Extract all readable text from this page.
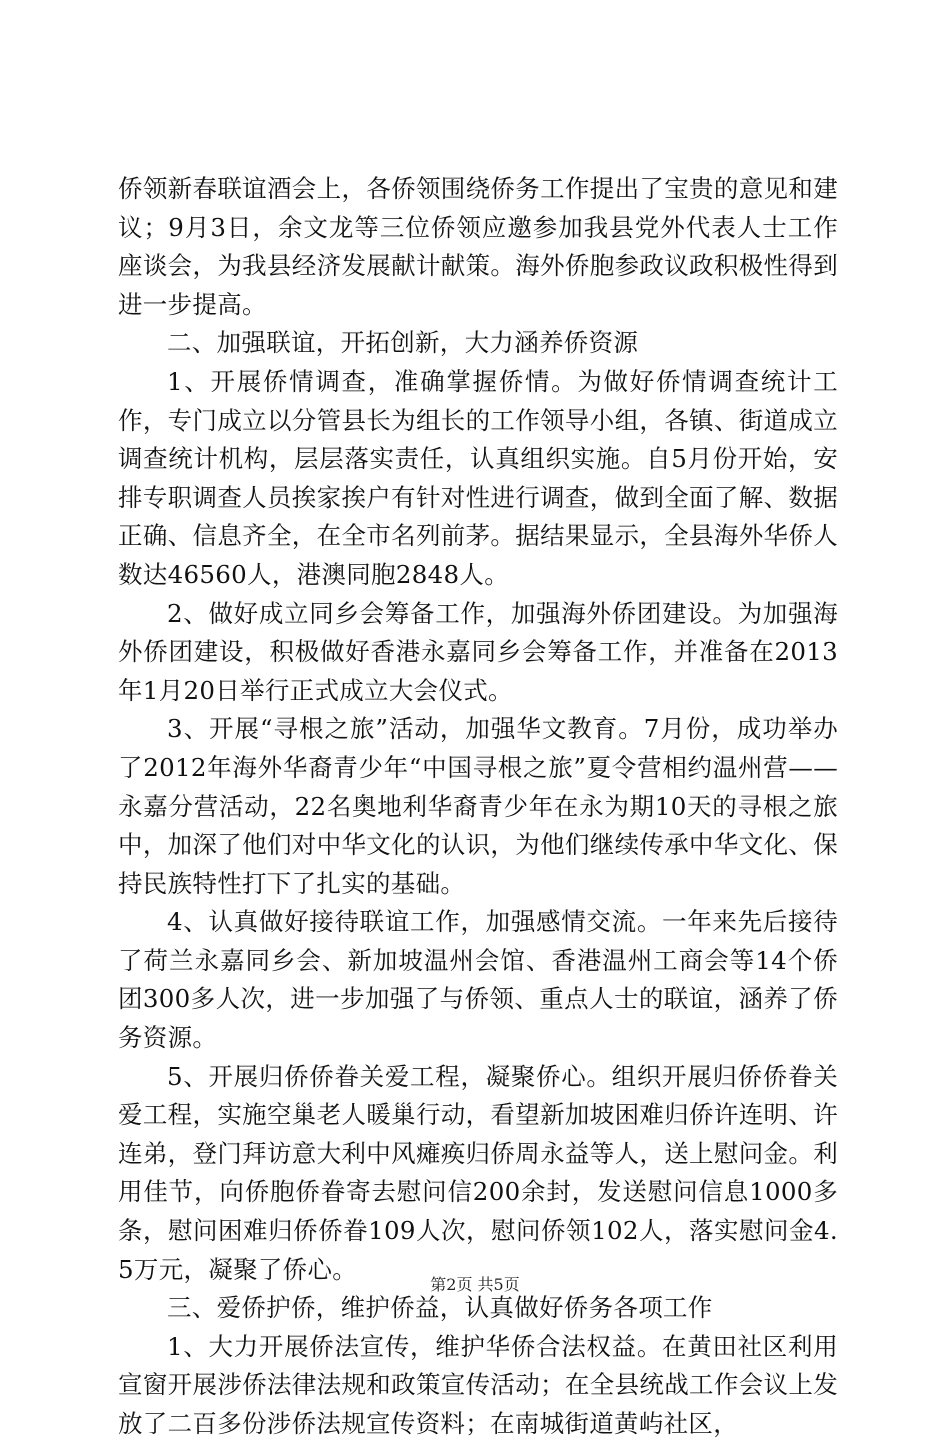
侨领新春联谊酒会上，各侨领围绕侨务工作提出了宝贵的意见和建议；9月3日，余文龙等三位侨领应邀参加我县党外代表人士工作座谈会，为我县经济发展献计献策。海外侨胞参政议政积极性得到进一步提高。

二、加强联谊，开拓创新，大力涵养侨资源

1、开展侨情调查，准确掌握侨情。为做好侨情调查统计工作，专门成立以分管县长为组长的工作领导小组，各镇、街道成立调查统计机构，层层落实责任，认真组织实施。自5月份开始，安排专职调查人员挨家挨户有针对性进行调查，做到全面了解、数据正确、信息齐全，在全市名列前茅。据结果显示，全县海外华侨人数达46560人，港澳同胞2848人。

2、做好成立同乡会筹备工作，加强海外侨团建设。为加强海外侨团建设，积极做好香港永嘉同乡会筹备工作，并准备在2013年1月20日举行正式成立大会仪式。

3、开展“寻根之旅”活动，加强华文教育。7月份，成功举办了2012年海外华裔青少年“中国寻根之旅”夏令营相约温州营——永嘉分营活动，22名奥地利华裔青少年在永为期10天的寻根之旅中，加深了他们对中华文化的认识，为他们继续传承中华文化、保持民族特性打下了扎实的基础。

4、认真做好接待联谊工作，加强感情交流。一年来先后接待了荷兰永嘉同乡会、新加坡温州会馆、香港温州工商会等14个侨团300多人次，进一步加强了与侨领、重点人士的联谊，涵养了侨务资源。

5、开展归侨侨眷关爱工程，凝聚侨心。组织开展归侨侨眷关爱工程，实施空巢老人暖巢行动，看望新加坡困难归侨许连明、许连弟，登门拜访意大利中风瘫痪归侨周永益等人，送上慰问金。利用佳节，向侨胞侨眷寄去慰问信200余封，发送慰问信息1000多条，慰问困难归侨侨眷109人次，慰问侨领102人，落实慰问金4.5万元，凝聚了侨心。

三、爱侨护侨，维护侨益，认真做好侨务各项工作

1、大力开展侨法宣传，维护华侨合法权益。在黄田社区利用宣窗开展涉侨法律法规和政策宣传活动；在全县统战工作会议上发放了二百多份涉侨法规宣传资料；在南城街道黄屿社区，

第2页 共5页
